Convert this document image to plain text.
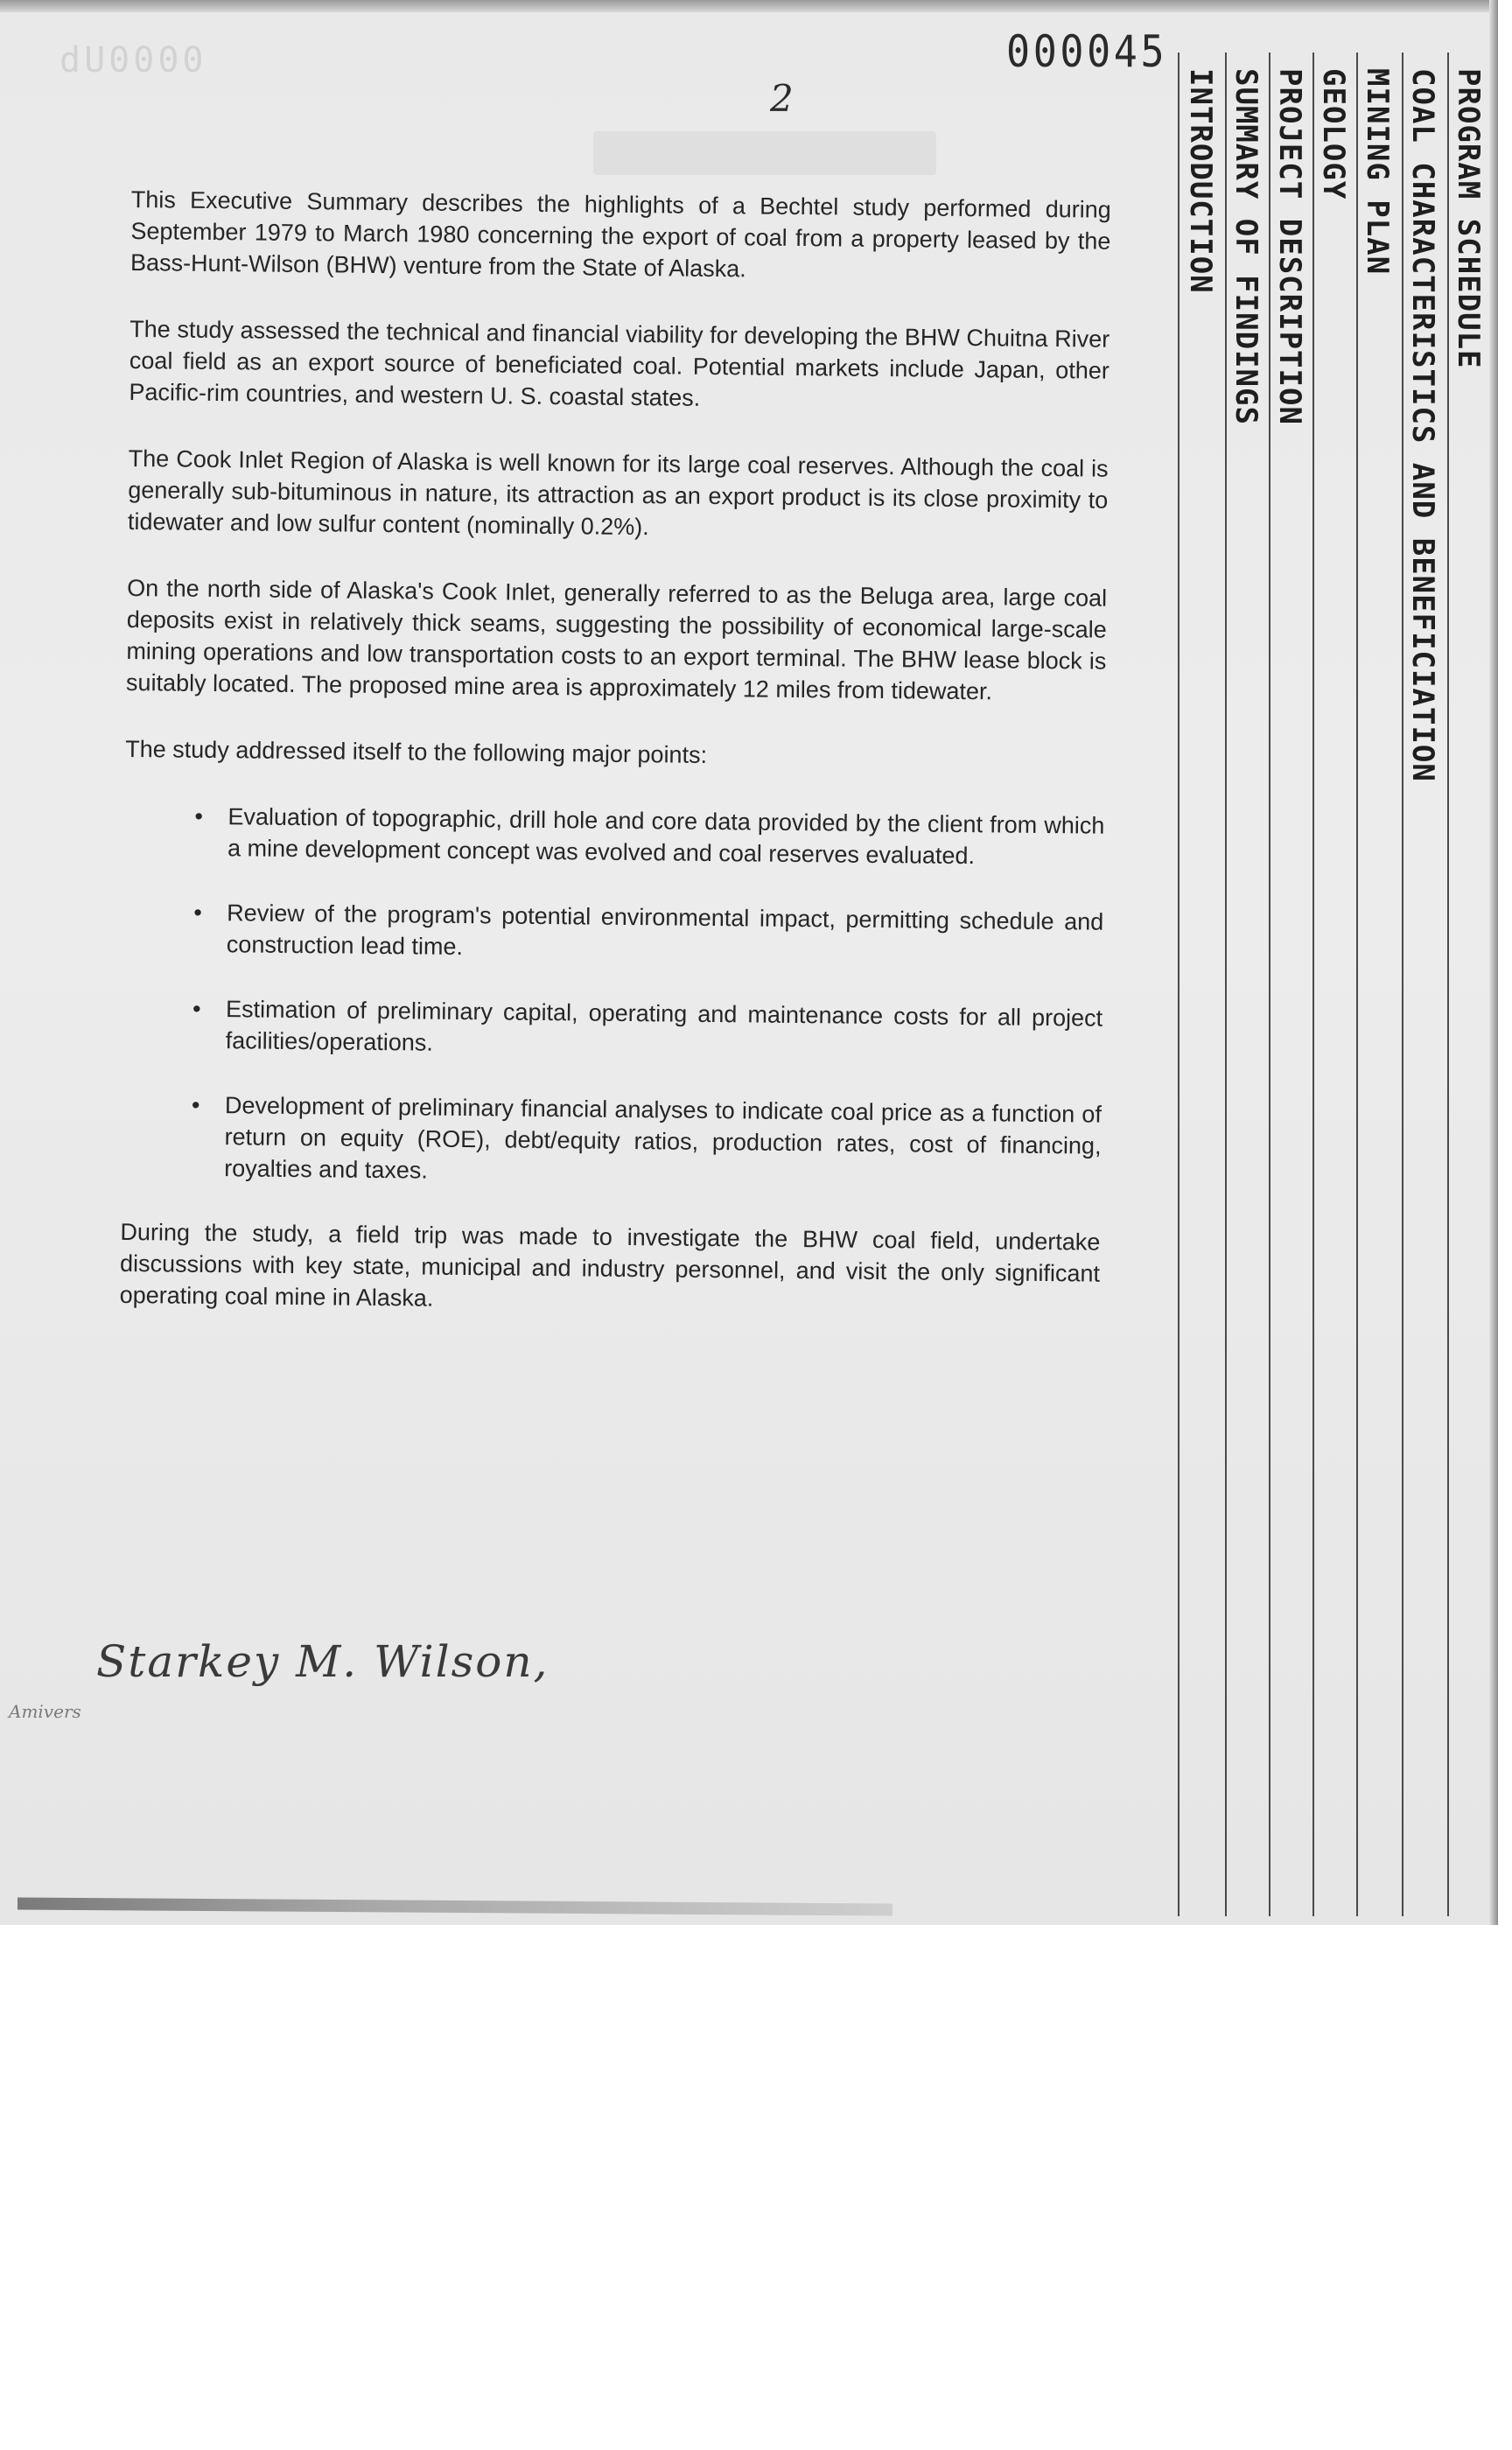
dU0000	000045
2

This Executive Summary describes the highlights of a Bechtel study performed during September 1979 to March 1980 concerning the export of coal from a property leased by the Bass-Hunt-Wilson (BHW) venture from the State of Alaska.

The study assessed the technical and financial viability for developing the BHW Chuitna River coal field as an export source of beneficiated coal. Potential markets include Japan, other Pacific-rim countries, and western U. S. coastal states.

The Cook Inlet Region of Alaska is well known for its large coal reserves. Although the coal is generally sub-bituminous in nature, its attraction as an export product is its close proximity to tidewater and low sulfur content (nominally 0.2%).

On the north side of Alaska's Cook Inlet, generally referred to as the Beluga area, large coal deposits exist in relatively thick seams, suggesting the possibility of economical large-scale mining operations and low transportation costs to an export terminal. The BHW lease block is suitably located. The proposed mine area is approximately 12 miles from tidewater.

The study addressed itself to the following major points:

• Evaluation of topographic, drill hole and core data provided by the client from which a mine development concept was evolved and coal reserves evaluated.
• Review of the program's potential environmental impact, permitting schedule and construction lead time.
• Estimation of preliminary capital, operating and maintenance costs for all project facilities/operations.
• Development of preliminary financial analyses to indicate coal price as a function of return on equity (ROE), debt/equity ratios, production rates, cost of financing, royalties and taxes.

During the study, a field trip was made to investigate the BHW coal field, undertake discussions with key state, municipal and industry personnel, and visit the only significant operating coal mine in Alaska.

Starkey M. Wilson,
Amivers
INTRODUCTION SUMMARY OF FINDINGS PROJECT DESCRIPTION GEOLOGY MINING PLAN COAL CHARACTERISTICS AND BENEFICIATION PROGRAM SCHEDULE
